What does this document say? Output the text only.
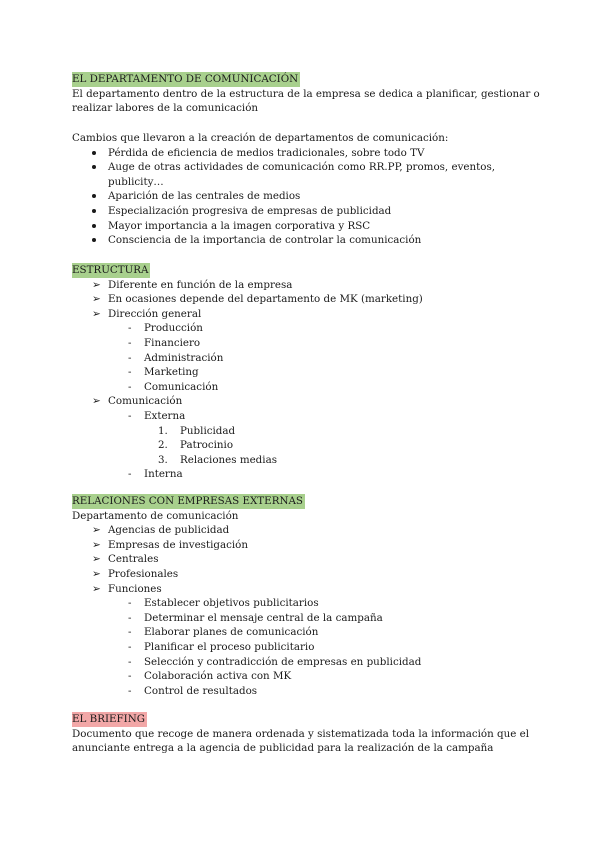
EL DEPARTAMENTO DE COMUNICACIÓN

El departamento dentro de la estructura de la empresa se dedica a planificar, gestionar o realizar labores de la comunicación

Cambios que llevaron a la creación de departamentos de comunicación:

Pérdida de eficiencia de medios tradicionales, sobre todo TV
Auge de otras actividades de comunicación como RR.PP, promos, eventos, publicity…
Aparición de las centrales de medios
Especialización progresiva de empresas de publicidad
Mayor importancia a la imagen corporativa y RSC
Consciencia de la importancia de controlar la comunicación
ESTRUCTURA
➢ Diferente en función de la empresa
➢ En ocasiones depende del departamento de MK (marketing)
➢ Dirección general
-	Producción
-	Financiero
-	Administración
-	Marketing
-	Comunicación
➢ Comunicación
-	Externa
1.	Publicidad
2.	Patrocinio
3.	Relaciones medias
-	Interna
RELACIONES CON EMPRESAS EXTERNAS

Departamento de comunicación

➢ Agencias de publicidad
➢ Empresas de investigación
➢ Centrales
➢ Profesionales
➢ Funciones
-	Establecer objetivos publicitarios
-	Determinar el mensaje central de la campaña
-	Elaborar planes de comunicación
-	Planificar el proceso publicitario
-	Selección y contradicción de empresas en publicidad
-	Colaboración activa con MK
-	Control de resultados
EL BRIEFING

Documento que recoge de manera ordenada y sistematizada toda la información que el anunciante entrega a la agencia de publicidad para la realización de la campaña
